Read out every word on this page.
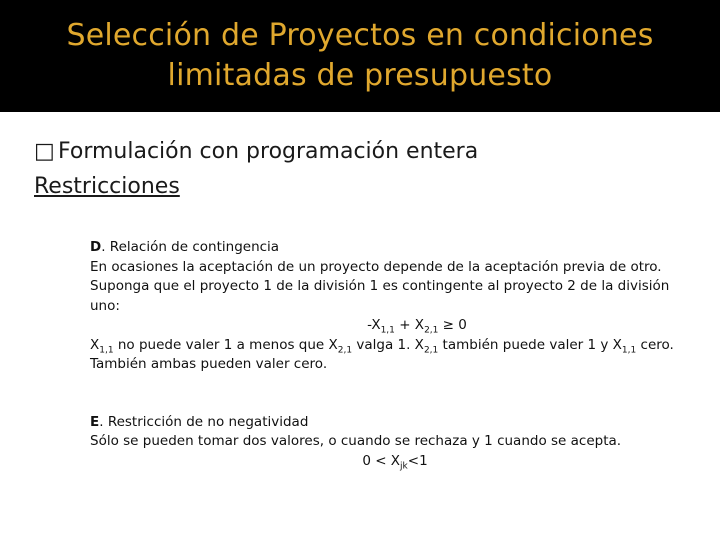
Selección de Proyectos en condiciones
limitadas de presupuesto
□ Formulación con programación entera
Restricciones
D. Relación de contingencia
En ocasiones la aceptación de un proyecto depende de la aceptación previa de otro.
Suponga que el proyecto 1 de la división 1 es contingente al proyecto 2 de la división uno:
$-X_{1,1} + X_{2,1} \ge 0$
$X_{1,1}$ no puede valer 1 a menos que $X_{2,1}$ valga 1. $X_{2,1}$ también puede valer 1 y $X_{1,1}$ cero. También ambas pueden valer cero.
E. Restricción de no negatividad
Sólo se pueden tomar dos valores, o cuando se rechaza y 1 cuando se acepta.
$0 < X_{jk}<1$
